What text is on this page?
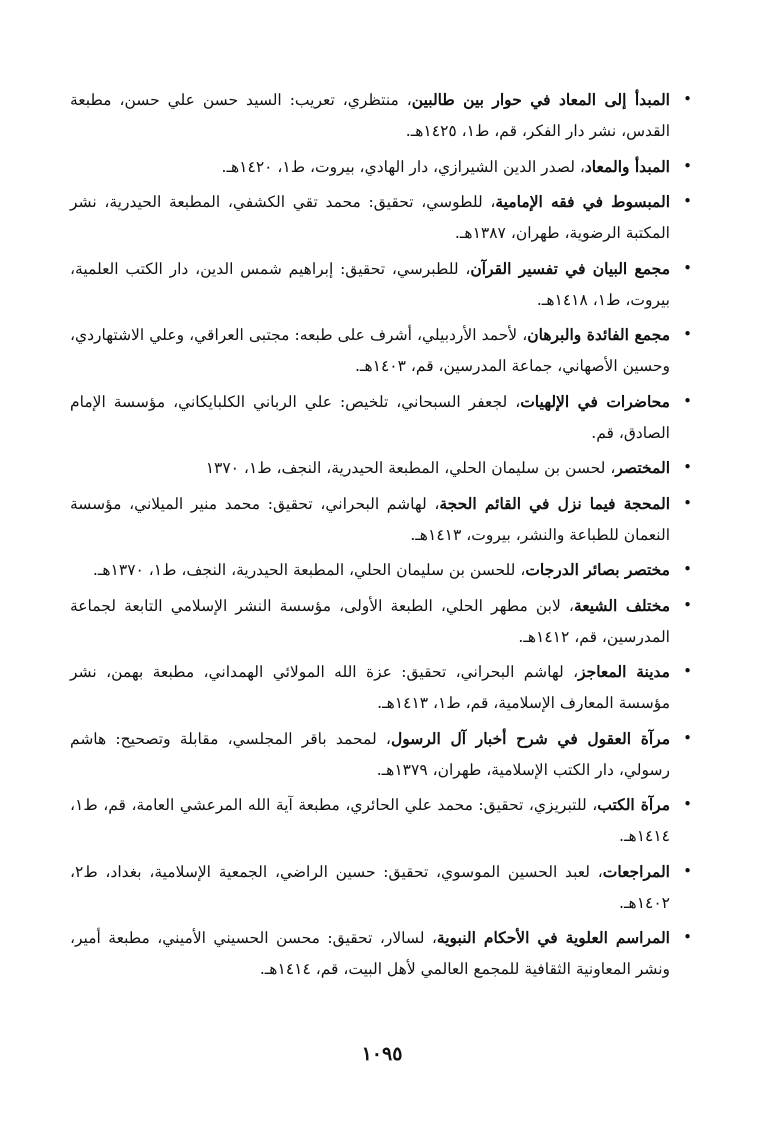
•
المبدأ إلى المعاد في حوار بين طالبين، منتظري، تعريب: السيد حسن علي حسن، مطبعة القدس، نشر دار الفكر، قم، ط١، ١٤٢٥هـ.
•
المبدأ والمعاد، لصدر الدين الشيرازي، دار الهادي، بيروت، ط١، ١٤٢٠هـ.
•
المبسوط في فقه الإمامية، للطوسي، تحقيق: محمد تقي الكشفي، المطبعة الحيدرية، نشر المكتبة الرضوية، طهران، ١٣٨٧هـ.
•
مجمع البيان في تفسير القرآن، للطبرسي، تحقيق: إبراهيم شمس الدين، دار الكتب العلمية، بيروت، ط١، ١٤١٨هـ.
•
مجمع الفائدة والبرهان، لأحمد الأردبيلي، أشرف على طبعه: مجتبى العراقي، وعلي الاشتهاردي، وحسين الأصهاني، جماعة المدرسين، قم، ١٤٠٣هـ.
•
محاضرات في الإلهيات، لجعفر السبحاني، تلخيص: علي الرباني الكلبايكاني، مؤسسة الإمام الصادق، قم.
•
المختصر، لحسن بن سليمان الحلي، المطبعة الحيدرية، النجف، ط١، ١٣٧٠
•
المحجة فيما نزل في القائم الحجة، لهاشم البحراني، تحقيق: محمد منير الميلاني، مؤسسة النعمان للطباعة والنشر، بيروت، ١٤١٣هـ.
•
مختصر بصائر الدرجات، للحسن بن سليمان الحلي، المطبعة الحيدرية، النجف، ط١، ١٣٧٠هـ.
•
مختلف الشيعة، لابن مطهر الحلي، الطبعة الأولى، مؤسسة النشر الإسلامي التابعة لجماعة المدرسين، قم، ١٤١٢هـ.
•
مدينة المعاجز، لهاشم البحراني، تحقيق: عزة الله المولائي الهمداني، مطبعة بهمن، نشر مؤسسة المعارف الإسلامية، قم، ط١، ١٤١٣هـ.
•
مرآة العقول في شرح أخبار آل الرسول، لمحمد باقر المجلسي، مقابلة وتصحيح: هاشم رسولي، دار الكتب الإسلامية، طهران، ١٣٧٩هـ.
•
مرآة الكتب، للتبريزي، تحقيق: محمد علي الحائري، مطبعة آية الله المرعشي العامة، قم، ط١، ١٤١٤هـ.
•
المراجعات، لعبد الحسين الموسوي، تحقيق: حسين الراضي، الجمعية الإسلامية، بغداد، ط٢، ١٤٠٢هـ.
•
المراسم العلوية في الأحكام النبوية، لسالار، تحقيق: محسن الحسيني الأميني، مطبعة أمير، ونشر المعاونية الثقافية للمجمع العالمي لأهل البيت، قم، ١٤١٤هـ.
١٠٩٥
